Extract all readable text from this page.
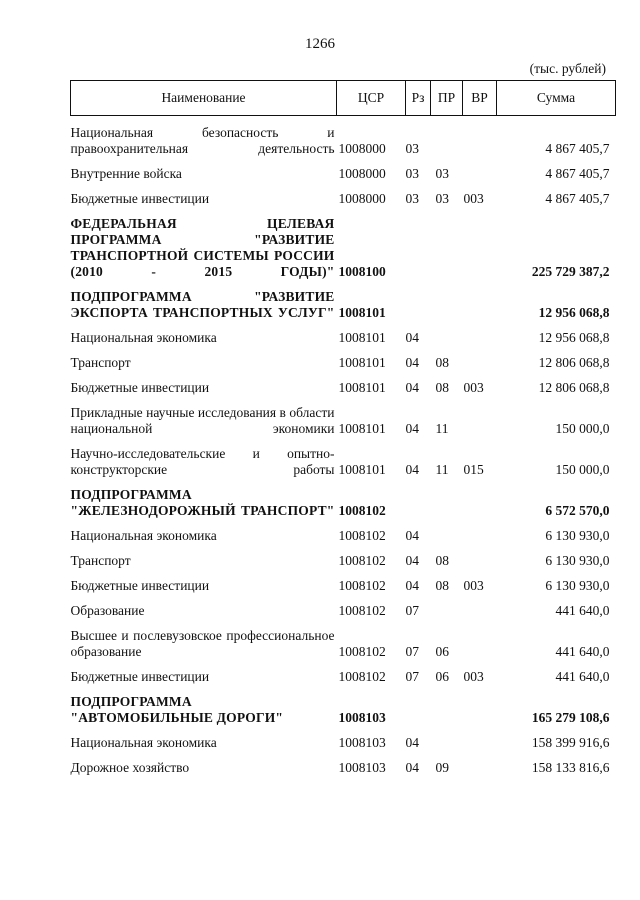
1266
(тыс. рублей)
Наименование	ЦСР	Рз	ПР	ВР	Сумма
Национальная безопасность и правоохранительная деятельность	1008000	03			4 867 405,7
Внутренние войска	1008000	03	03		4 867 405,7
Бюджетные инвестиции	1008000	03	03	003	4 867 405,7
ФЕДЕРАЛЬНАЯ ЦЕЛЕВАЯ ПРОГРАММА "РАЗВИТИЕ ТРАНСПОРТНОЙ СИСТЕМЫ РОССИИ (2010 - 2015 ГОДЫ)"	1008100				225 729 387,2
ПОДПРОГРАММА "РАЗВИТИЕ ЭКСПОРТА ТРАНСПОРТНЫХ УСЛУГ"	1008101				12 956 068,8
Национальная экономика	1008101	04			12 956 068,8
Транспорт	1008101	04	08		12 806 068,8
Бюджетные инвестиции	1008101	04	08	003	12 806 068,8
Прикладные научные исследования в области национальной экономики	1008101	04	11		150 000,0
Научно-исследовательские и опытно-конструкторские работы	1008101	04	11	015	150 000,0
ПОДПРОГРАММА "ЖЕЛЕЗНОДОРОЖНЫЙ ТРАНСПОРТ"	1008102				6 572 570,0
Национальная экономика	1008102	04			6 130 930,0
Транспорт	1008102	04	08		6 130 930,0
Бюджетные инвестиции	1008102	04	08	003	6 130 930,0
Образование	1008102	07			441 640,0
Высшее и послевузовское профессиональное образование	1008102	07	06		441 640,0
Бюджетные инвестиции	1008102	07	06	003	441 640,0
ПОДПРОГРАММА "АВТОМОБИЛЬНЫЕ ДОРОГИ"	1008103				165 279 108,6
Национальная экономика	1008103	04			158 399 916,6
Дорожное хозяйство	1008103	04	09		158 133 816,6
